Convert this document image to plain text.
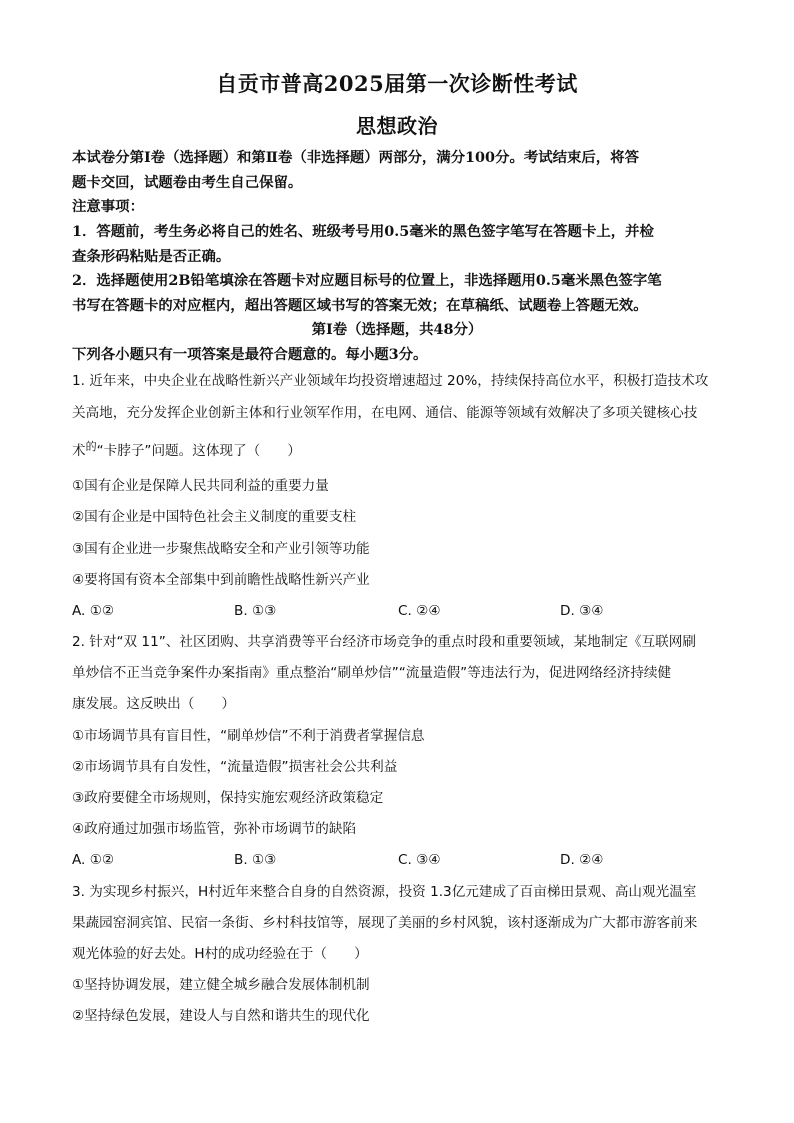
自贡市普高2025届第一次诊断性考试
思想政治
本试卷分第Ⅰ卷（选择题）和第Ⅱ卷（非选择题）两部分，满分100分。考试结束后，将答
题卡交回，试题卷由考生自己保留。
注意事项：
1．答题前，考生务必将自己的姓名、班级考号用0.5毫米的黑色签字笔写在答题卡上，并检
查条形码粘贴是否正确。
2．选择题使用2B铅笔填涂在答题卡对应题目标号的位置上，非选择题用0.5毫米黑色签字笔
书写在答题卡的对应框内，超出答题区域书写的答案无效；在草稿纸、试题卷上答题无效。
第Ⅰ卷（选择题，共48分）
下列各小题只有一项答案是最符合题意的。每小题3分。
1. 近年来，中央企业在战略性新兴产业领域年均投资增速超过 20%，持续保持高位水平，积极打造技术攻
关高地，充分发挥企业创新主体和行业领军作用，在电网、通信、能源等领域有效解决了多项关键核心技
术$^的$“卡脖子”问题。这体现了（　　）
①国有企业是保障人民共同利益的重要力量
②国有企业是中国特色社会主义制度的重要支柱
③国有企业进一步聚焦战略安全和产业引领等功能
④要将国有资本全部集中到前瞻性战略性新兴产业
A. ①②	B. ①③	C. ②④	D. ③④
2. 针对“双 11”、社区团购、共享消费等平台经济市场竞争的重点时段和重要领域，某地制定《互联网刷
单炒信不正当竞争案件办案指南》重点整治“刷单炒信”“流量造假”等违法行为，促进网络经济持续健
康发展。这反映出（　　）
①市场调节具有盲目性，“刷单炒信”不利于消费者掌握信息
②市场调节具有自发性，“流量造假”损害社会公共利益
③政府要健全市场规则，保持实施宏观经济政策稳定
④政府通过加强市场监管，弥补市场调节的缺陷
A. ①②	B. ①③	C. ③④	D. ②④
3. 为实现乡村振兴，H村近年来整合自身的自然资源，投资 1.3亿元建成了百亩梯田景观、高山观光温室
果蔬园窑洞宾馆、民宿一条街、乡村科技馆等，展现了美丽的乡村风貌，该村逐渐成为广大都市游客前来
观光体验的好去处。H村的成功经验在于（　　）
①坚持协调发展，建立健全城乡融合发展体制机制
②坚持绿色发展，建设人与自然和谐共生的现代化
